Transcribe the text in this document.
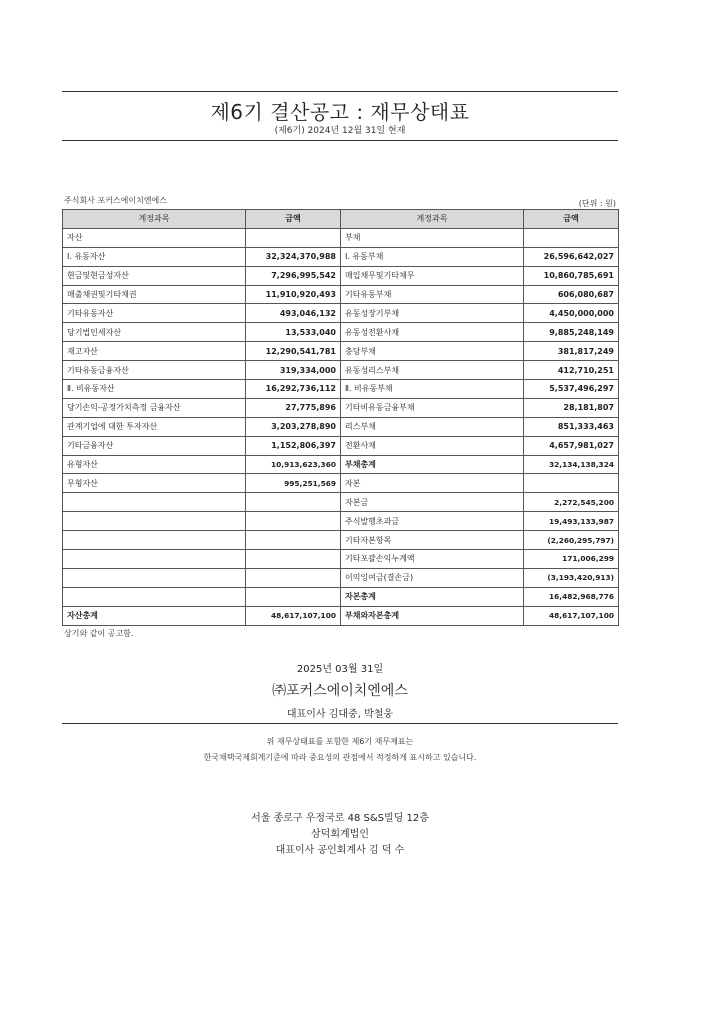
제6기 결산공고 : 재무상태표
(제6기) 2024년 12월 31일 현재
주식회사 포커스에이치엔에스	(단위 : 원)
계정과목	금액	계정과목	금액
자산		부채	
Ⅰ. 유동자산	32,324,370,988	Ⅰ. 유동부채	26,596,642,027
현금및현금성자산	7,296,995,542	매입채무및기타채무	10,860,785,691
매출채권및기타채권	11,910,920,493	기타유동부채	606,080,687
기타유동자산	493,046,132	유동성장기부채	4,450,000,000
당기법인세자산	13,533,040	유동성전환사채	9,885,248,149
재고자산	12,290,541,781	충당부채	381,817,249
기타유동금융자산	319,334,000	유동성리스부채	412,710,251
Ⅱ. 비유동자산	16,292,736,112	Ⅱ. 비유동부채	5,537,496,297
당기손익-공정가치측정 금융자산	27,775,896	기타비유동금융부채	28,181,807
관계기업에 대한 투자자산	3,203,278,890	리스부채	851,333,463
기타금융자산	1,152,806,397	전환사채	4,657,981,027
유형자산	10,913,623,360	부채총계	32,134,138,324
무형자산	995,251,569	자본	
		자본금	2,272,545,200
		주식발행초과금	19,493,133,987
		기타자본항목	(2,260,295,797)
		기타포괄손익누계액	171,006,299
		이익잉여금(결손금)	(3,193,420,913)
		자본총계	16,482,968,776
자산총계	48,617,107,100	부채와자본총계	48,617,107,100
상기와 같이 공고함.
2025년 03월 31일
㈜포커스에이치엔에스
대표이사 김대중, 박철웅
위 재무상태표를 포함한 제6기 재무제표는
한국채택국제회계기준에 따라 중요성의 관점에서 적정하게 표시하고 있습니다.
서울 종로구 우정국로 48 S&S빌딩 12층
삼덕회계법인
대표이사 공인회계사 김 덕 수
